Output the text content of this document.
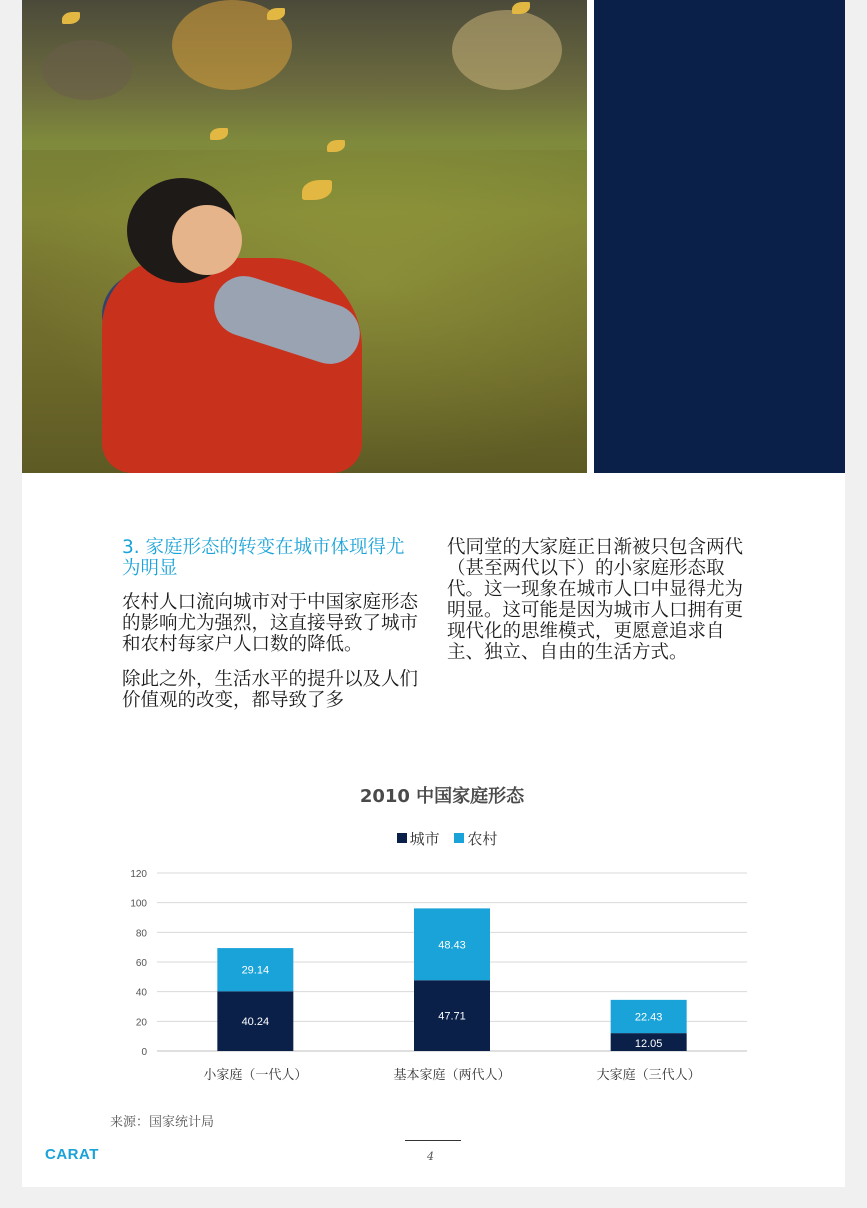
3. 家庭形态的转变在城市体现得尤为明显

农村人口流向城市对于中国家庭形态的影响尤为强烈，这直接导致了城市和农村每家户人口数的降低。

除此之外，生活水平的提升以及人们价值观的改变，都导致了多

代同堂的大家庭正日渐被只包含两代（甚至两代以下）的小家庭形态取代。这一现象在城市人口中显得尤为明显。这可能是因为城市人口拥有更现代化的思维模式，更愿意追求自主、独立、自由的生活方式。

2010 中国家庭形态
城市 农村
0
20
40
60
80
100
120
40.24
29.14
小家庭（一代人）
47.71
48.43
基本家庭（两代人）
12.05
22.43
大家庭（三代人）
来源：国家统计局
CARAT	4
